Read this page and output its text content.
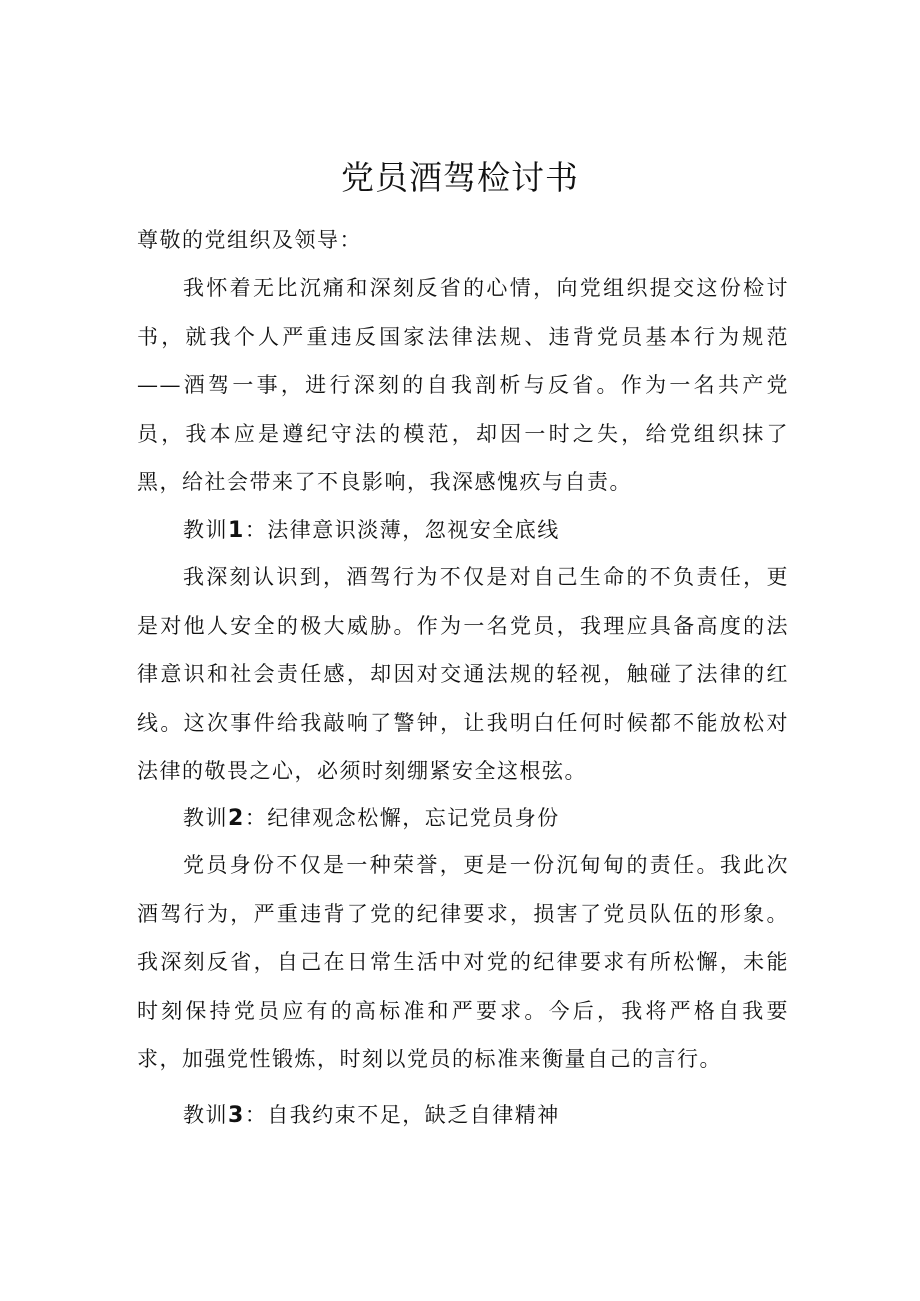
党员酒驾检讨书

尊敬的党组织及领导：

我怀着无比沉痛和深刻反省的心情，向党组织提交这份检讨书，就我个人严重违反国家法律法规、违背党员基本行为规范——酒驾一事，进行深刻的自我剖析与反省。作为一名共产党员，我本应是遵纪守法的模范，却因一时之失，给党组织抹了黑，给社会带来了不良影响，我深感愧疚与自责。

教训1：法律意识淡薄，忽视安全底线

我深刻认识到，酒驾行为不仅是对自己生命的不负责任，更是对他人安全的极大威胁。作为一名党员，我理应具备高度的法律意识和社会责任感，却因对交通法规的轻视，触碰了法律的红线。这次事件给我敲响了警钟，让我明白任何时候都不能放松对法律的敬畏之心，必须时刻绷紧安全这根弦。

教训2：纪律观念松懈，忘记党员身份

党员身份不仅是一种荣誉，更是一份沉甸甸的责任。我此次酒驾行为，严重违背了党的纪律要求，损害了党员队伍的形象。我深刻反省，自己在日常生活中对党的纪律要求有所松懈，未能时刻保持党员应有的高标准和严要求。今后，我将严格自我要求，加强党性锻炼，时刻以党员的标准来衡量自己的言行。

教训3：自我约束不足，缺乏自律精神
